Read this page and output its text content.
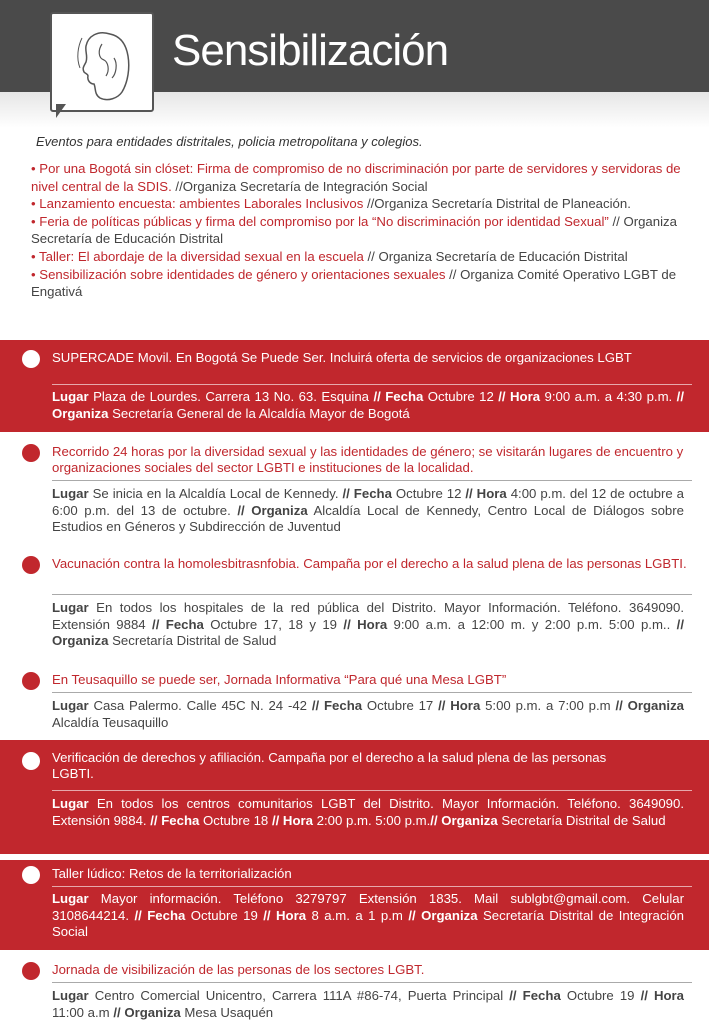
Sensibilización
Eventos para entidades distritales, policia metropolitana y colegios.

• Por una Bogotá sin clóset: Firma de compromiso de no discriminación por parte de servidores y servidoras de nivel central de la SDIS. //Organiza Secretaría de Integración Social

• Lanzamiento encuesta: ambientes Laborales Inclusivos //Organiza Secretaría Distrital de Planeación.

• Feria de políticas públicas y firma del compromiso por la “No discriminación por identidad Sexual” // Organiza Secretaría de Educación Distrital

• Taller: El abordaje de la diversidad sexual en la escuela // Organiza Secretaría de Educación Distrital

• Sensibilización sobre identidades de género y orientaciones sexuales // Organiza Comité Operativo LGBT de Engativá

SUPERCADE Movil. En Bogotá Se Puede Ser. Incluirá oferta de servicios de organizaciones LGBT
Lugar Plaza de Lourdes. Carrera 13 No. 63. Esquina // Fecha Octubre 12 // Hora 9:00 a.m. a 4:30 p.m. // Organiza Secretaría General de la Alcaldía Mayor de Bogotá
Recorrido 24 horas por la diversidad sexual y las identidades de género; se visitarán lugares de encuentro y organizaciones sociales del sector LGBTI e instituciones de la localidad.
Lugar Se inicia en la Alcaldía Local de Kennedy. // Fecha Octubre 12 // Hora 4:00 p.m. del 12 de octubre a 6:00 p.m. del 13 de octubre. // Organiza Alcaldía Local de Kennedy, Centro Local de Diálogos sobre Estudios en Géneros y Subdirección de Juventud
Vacunación contra la homolesbitrasnfobia. Campaña por el derecho a la salud plena de las personas LGBTI.
Lugar En todos los hospitales de la red pública del Distrito. Mayor Información. Teléfono. 3649090. Extensión 9884 // Fecha Octubre 17, 18 y 19 // Hora 9:00 a.m. a 12:00 m. y 2:00 p.m. 5:00 p.m.. // Organiza Secretaría Distrital de Salud
En Teusaquillo se puede ser, Jornada Informativa “Para qué una Mesa LGBT”
Lugar Casa Palermo. Calle 45C N. 24 -42 // Fecha Octubre 17 // Hora 5:00 p.m. a 7:00 p.m // Organiza Alcaldía Teusaquillo
Verificación de derechos y afiliación. Campaña por el derecho a la salud plena de las personas LGBTI.
Lugar En todos los centros comunitarios LGBT del Distrito. Mayor Información. Teléfono. 3649090. Extensión 9884. // Fecha Octubre 18 // Hora 2:00 p.m. 5:00 p.m.// Organiza Secretaría Distrital de Salud
Taller lúdico: Retos de la territorialización
Lugar Mayor información. Teléfono 3279797 Extensión 1835. Mail sublgbt@gmail.com. Celular 3108644214. // Fecha Octubre 19 // Hora 8 a.m. a 1 p.m // Organiza Secretaría Distrital de Integración Social
Jornada de visibilización de las personas de los sectores LGBT.
Lugar Centro Comercial Unicentro, Carrera 111A #86-74, Puerta Principal // Fecha Octubre 19 // Hora 11:00 a.m // Organiza Mesa Usaquén
